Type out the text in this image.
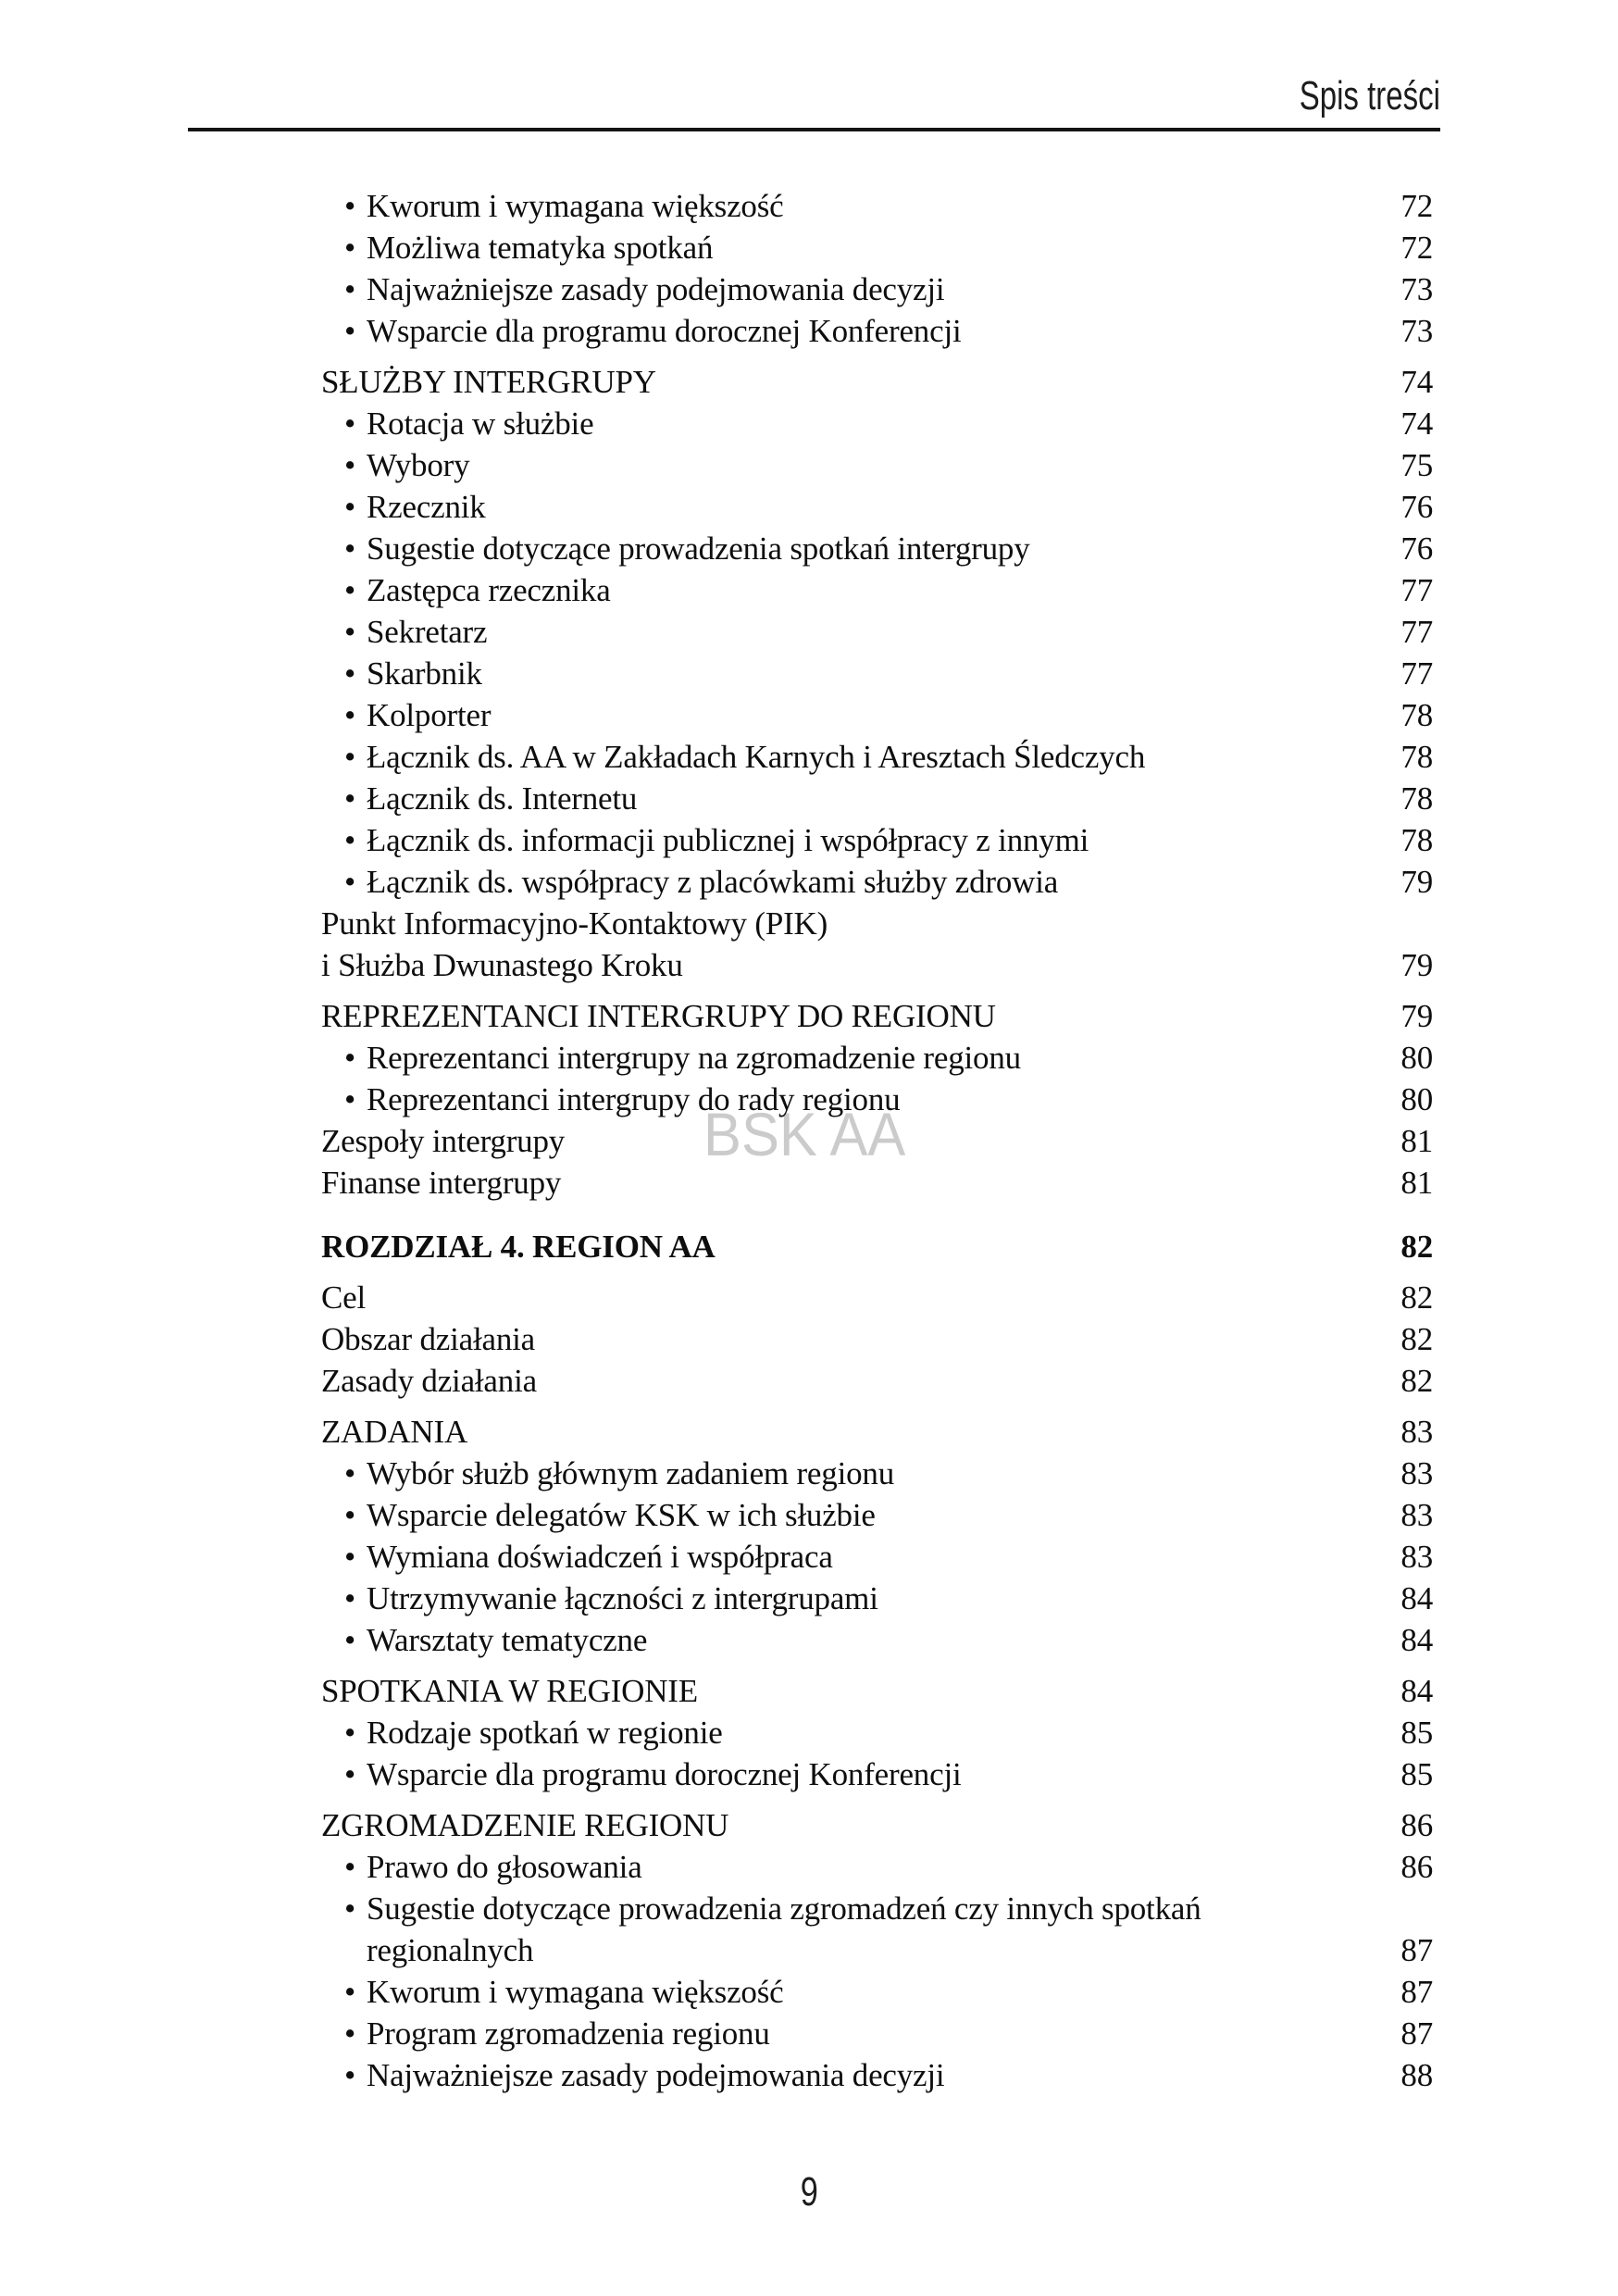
Spis treści
BSK AA
• Kworum i wymagana większość	72
• Możliwa tematyka spotkań	72
• Najważniejsze zasady podejmowania decyzji	73
• Wsparcie dla programu dorocznej Konferencji	73
SŁUŻBY INTERGRUPY	74
• Rotacja w służbie	74
• Wybory	75
• Rzecznik	76
• Sugestie dotyczące prowadzenia spotkań intergrupy	76
• Zastępca rzecznika	77
• Sekretarz	77
• Skarbnik	77
• Kolporter	78
• Łącznik ds. AA w Zakładach Karnych i Aresztach Śledczych	78
• Łącznik ds. Internetu	78
• Łącznik ds. informacji publicznej i współpracy z innymi	78
• Łącznik ds. współpracy z placówkami służby zdrowia	79
Punkt Informacyjno-Kontaktowy (PIK)
i Służba Dwunastego Kroku	79
REPREZENTANCI INTERGRUPY DO REGIONU	79
• Reprezentanci intergrupy na zgromadzenie regionu	80
• Reprezentanci intergrupy do rady regionu	80
Zespoły intergrupy	81
Finanse intergrupy	81
ROZDZIAŁ 4. REGION AA	82
Cel	82
Obszar działania	82
Zasady działania	82
ZADANIA	83
• Wybór służb głównym zadaniem regionu	83
• Wsparcie delegatów KSK w ich służbie	83
• Wymiana doświadczeń i współpraca	83
• Utrzymywanie łączności z intergrupami	84
• Warsztaty tematyczne	84
SPOTKANIA W REGIONIE	84
• Rodzaje spotkań w regionie	85
• Wsparcie dla programu dorocznej Konferencji	85
ZGROMADZENIE REGIONU	86
• Prawo do głosowania	86
• Sugestie dotyczące prowadzenia zgromadzeń czy innych spotkań
regionalnych	87
• Kworum i wymagana większość	87
• Program zgromadzenia regionu	87
• Najważniejsze zasady podejmowania decyzji	88
9
